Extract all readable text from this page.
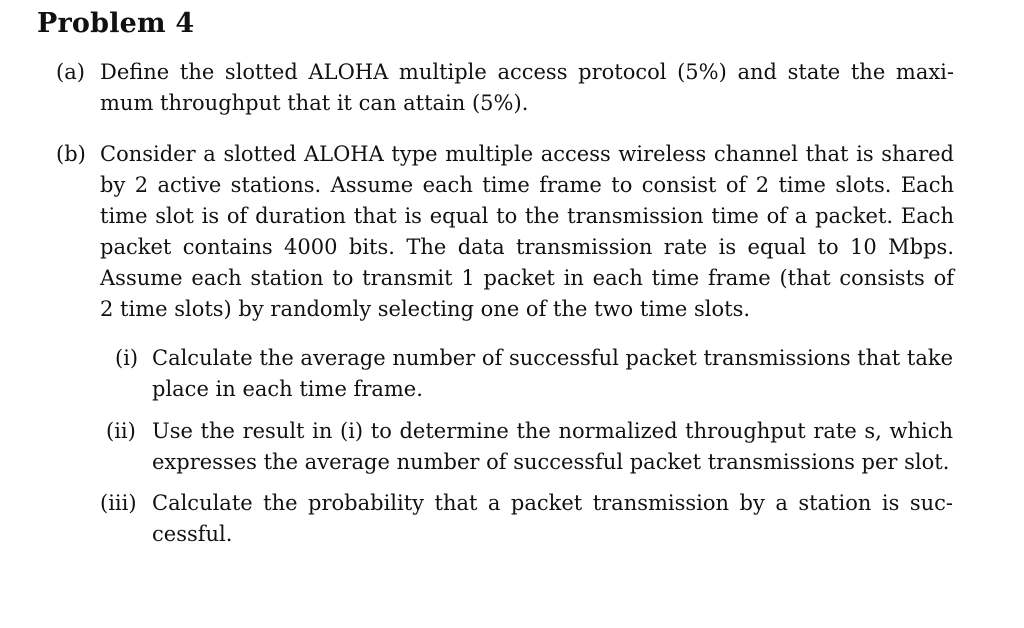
Problem 4
(a) Define the slotted ALOHA multiple access protocol (5%) and state the maxi-
mum throughput that it can attain (5%).
(b) Consider a slotted ALOHA type multiple access wireless channel that is shared
by 2 active stations. Assume each time frame to consist of 2 time slots. Each
time slot is of duration that is equal to the transmission time of a packet. Each
packet contains 4000 bits. The data transmission rate is equal to 10 Mbps.
Assume each station to transmit 1 packet in each time frame (that consists of
2 time slots) by randomly selecting one of the two time slots.
(i) Calculate the average number of successful packet transmissions that take
place in each time frame.
(ii) Use the result in (i) to determine the normalized throughput rate s, which
expresses the average number of successful packet transmissions per slot.
(iii) Calculate the probability that a packet transmission by a station is suc-
cessful.
